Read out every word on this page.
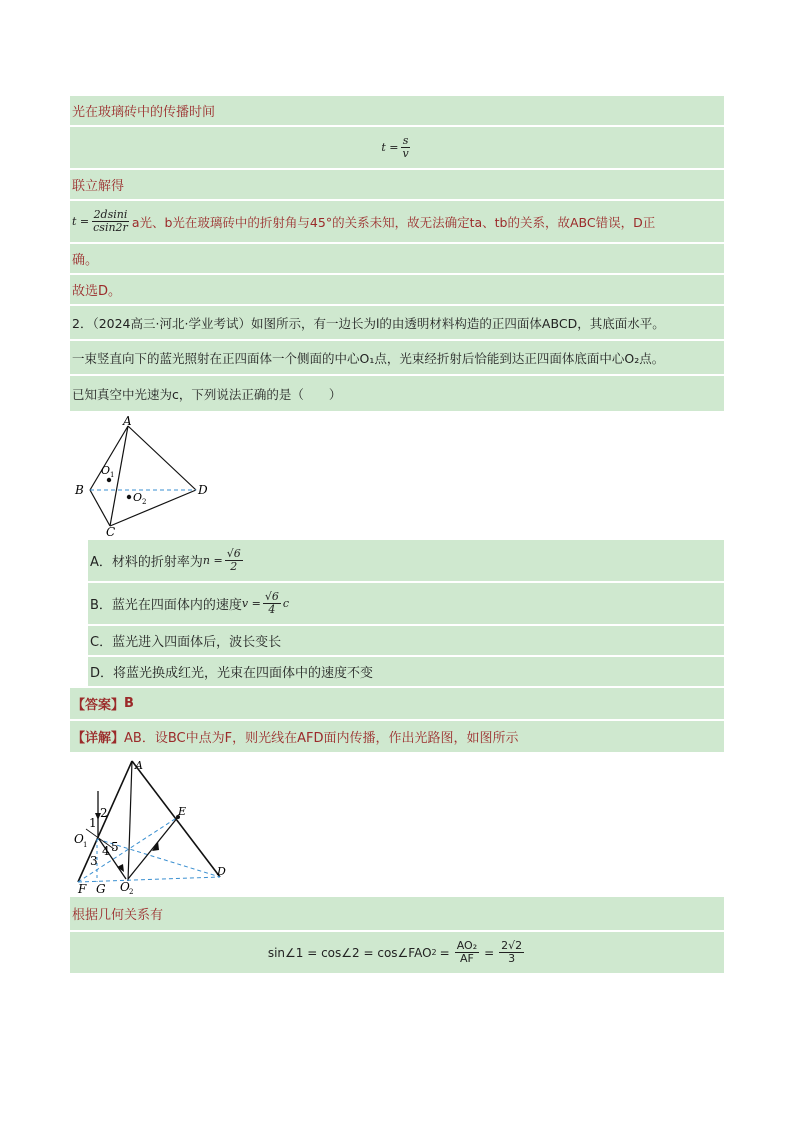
光在玻璃砖中的传播时间
$t = \frac{s}{v}$
联立解得
$t = \frac{2dsini}{csin2r}$ a光、b光在玻璃砖中的折射角与45°的关系未知，故无法确定ta、tb的关系，故ABC错误，D正
确。
故选D。
2．（2024高三·河北·学业考试）如图所示，有一边长为l的由透明材料构造的正四面体ABCD，其底面水平。
一束竖直向下的蓝光照射在正四面体一个侧面的中心O₁点，光束经折射后恰能到达正四面体底面中心O₂点。
已知真空中光速为c，下列说法正确的是（　　）
A
B
C
D
O 1
O 2
A．材料的折射率为 $n = \frac{√6}{2}$
B．蓝光在四面体内的速度 $v = \frac{√6}{4}$ c
C．蓝光进入四面体后，波长变长
D．将蓝光换成红光，光束在四面体中的速度不变
【答案】 B
【详解】 AB．设BC中点为F，则光线在AFD面内传播，作出光路图，如图所示
A
E
D
O 1
O 2
F G
1
2
3
4 5
根据几何关系有
sin∠1 = cos∠2 = cos∠FAO $2 = \frac{\text{AO₂}}{AF} = \frac{2√2}{3}$
